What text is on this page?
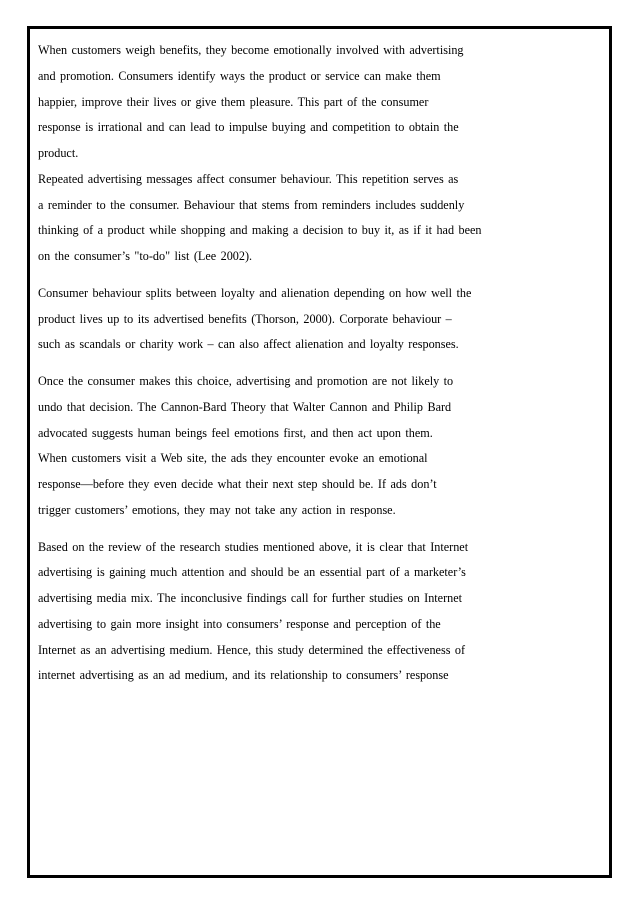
When customers weigh benefits, they become emotionally involved with advertising
and promotion. Consumers identify ways the product or service can make them
happier, improve their lives or give them pleasure. This part of the consumer
response is irrational and can lead to impulse buying and competition to obtain the
product.
Repeated advertising messages affect consumer behaviour. This repetition serves as
a reminder to the consumer. Behaviour that stems from reminders includes suddenly
thinking of a product while shopping and making a decision to buy it, as if it had been
on the consumer’s "to-do" list (Lee 2002).
Consumer behaviour splits between loyalty and alienation depending on how well the
product lives up to its advertised benefits (Thorson, 2000). Corporate behaviour –
such as scandals or charity work – can also affect alienation and loyalty responses.
Once the consumer makes this choice, advertising and promotion are not likely to
undo that decision. The Cannon-Bard Theory that Walter Cannon and Philip Bard
advocated suggests human beings feel emotions first, and then act upon them.
When customers visit a Web site, the ads they encounter evoke an emotional
response—before they even decide what their next step should be. If ads don’t
trigger customers’ emotions, they may not take any action in response.
Based on the review of the research studies mentioned above, it is clear that Internet
advertising is gaining much attention and should be an essential part of a marketer’s
advertising media mix. The inconclusive findings call for further studies on Internet
advertising to gain more insight into consumers’ response and perception of the
Internet as an advertising medium. Hence, this study determined the effectiveness of
internet advertising as an ad medium, and its relationship to consumers’ response
